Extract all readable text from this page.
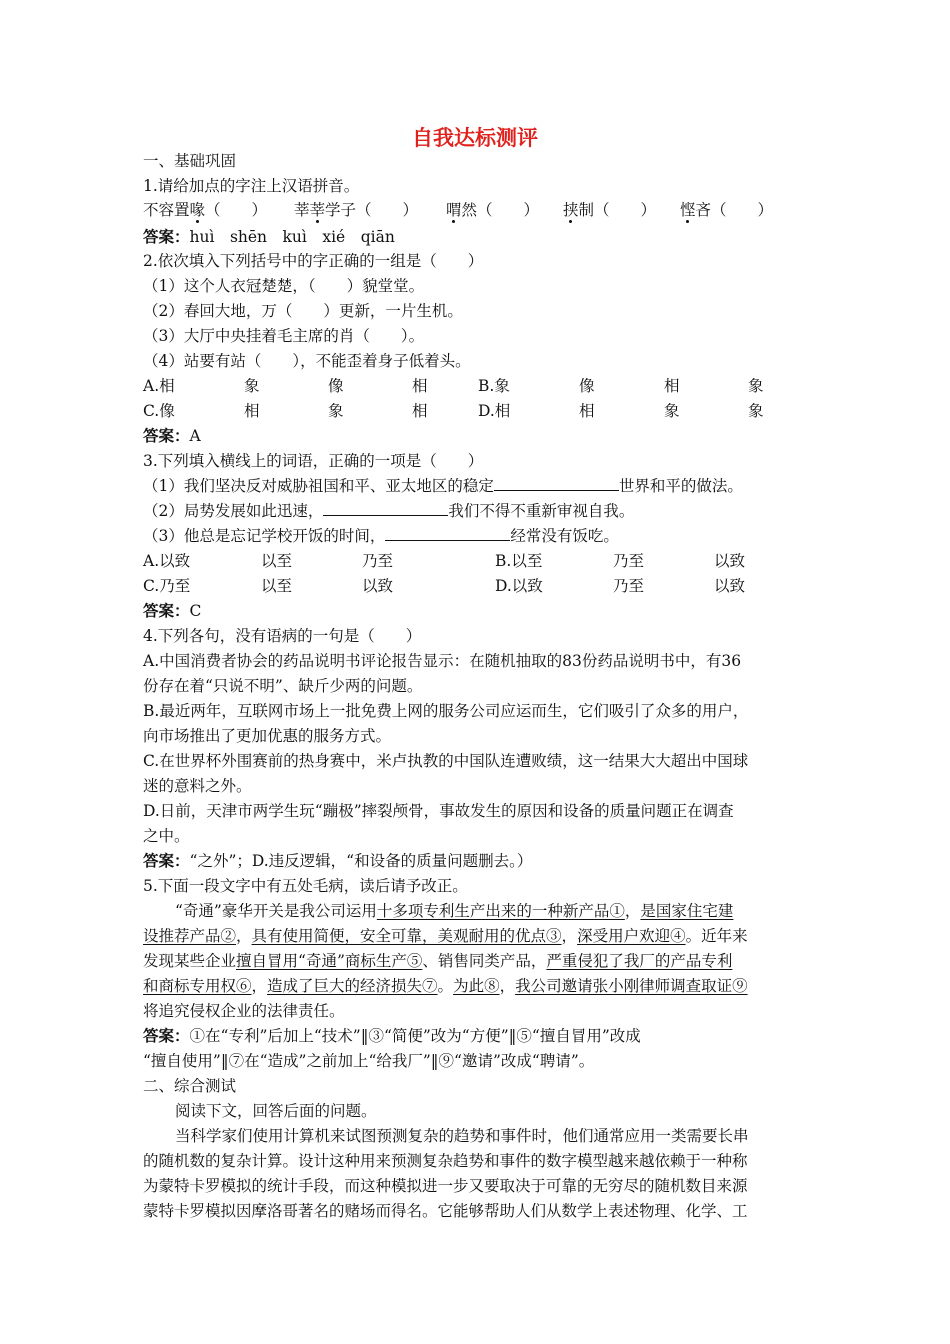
自我达标测评
一、基础巩固
1.请给加点的字注上汉语拼音。
不容置喙（　　） 莘莘学子（　　） 喟然（　　） 挟制（　　） 悭吝（　　）
答案：huì　shēn　kuì　xié　qiān
2.依次填入下列括号中的字正确的一组是（　　）
（1）这个人衣冠楚楚，（　　）貌堂堂。
（2）春回大地，万（　　）更新，一片生机。
（3）大厅中央挂着毛主席的肖（　　）。
（4）站要有站（　　），不能歪着身子低着头。
A.相	象	像	相	B.象	像	相	象
C.像	相	象	相	D.相	相	象	象
答案：A
3.下列填入横线上的词语，正确的一项是（　　）
（1）我们坚决反对威胁祖国和平、亚太地区的稳定	世界和平的做法。
（2）局势发展如此迅速，	我们不得不重新审视自我。
（3）他总是忘记学校开饭的时间，	经常没有饭吃。
A.以致	以至	乃至	B.以至	乃至	以致
C.乃至	以至	以致	D.以致	乃至	以致
答案：C
4.下列各句，没有语病的一句是（　　）
A.中国消费者协会的药品说明书评论报告显示：在随机抽取的83份药品说明书中，有36
份存在着“只说不明”、缺斤少两的问题。
B.最近两年，互联网市场上一批免费上网的服务公司应运而生，它们吸引了众多的用户，
向市场推出了更加优惠的服务方式。
C.在世界杯外围赛前的热身赛中，米卢执教的中国队连遭败绩，这一结果大大超出中国球
迷的意料之外。
D.日前，天津市两学生玩“蹦极”摔裂颅骨，事故发生的原因和设备的质量问题正在调查
之中。
答案：“之外”；D.违反逻辑，“和设备的质量问题删去。）
5.下面一段文字中有五处毛病，读后请予改正。
“奇通”豪华开关是我公司运用十多项专利生产出来的一种新产品①，是国家住宅建
设推荐产品②，具有使用简便，安全可靠，美观耐用的优点③，深受用户欢迎④。近年来
发现某些企业擅自冒用“奇通”商标生产⑤、销售同类产品，严重侵犯了我厂的产品专利
和商标专用权⑥，造成了巨大的经济损失⑦。为此⑧，我公司邀请张小刚律师调查取证⑨
将追究侵权企业的法律责任。
答案：①在“专利”后加上“技术”‖③“简便”改为“方便”‖⑤“擅自冒用”改成
“擅自使用”‖⑦在“造成”之前加上“给我厂”‖⑨“邀请”改成“聘请”。
二、综合测试
阅读下文，回答后面的问题。
当科学家们使用计算机来试图预测复杂的趋势和事件时，他们通常应用一类需要长串
的随机数的复杂计算。设计这种用来预测复杂趋势和事件的数字模型越来越依赖于一种称
为蒙特卡罗模拟的统计手段，而这种模拟进一步又要取决于可靠的无穷尽的随机数目来源
蒙特卡罗模拟因摩洛哥著名的赌场而得名。它能够帮助人们从数学上表述物理、化学、工
